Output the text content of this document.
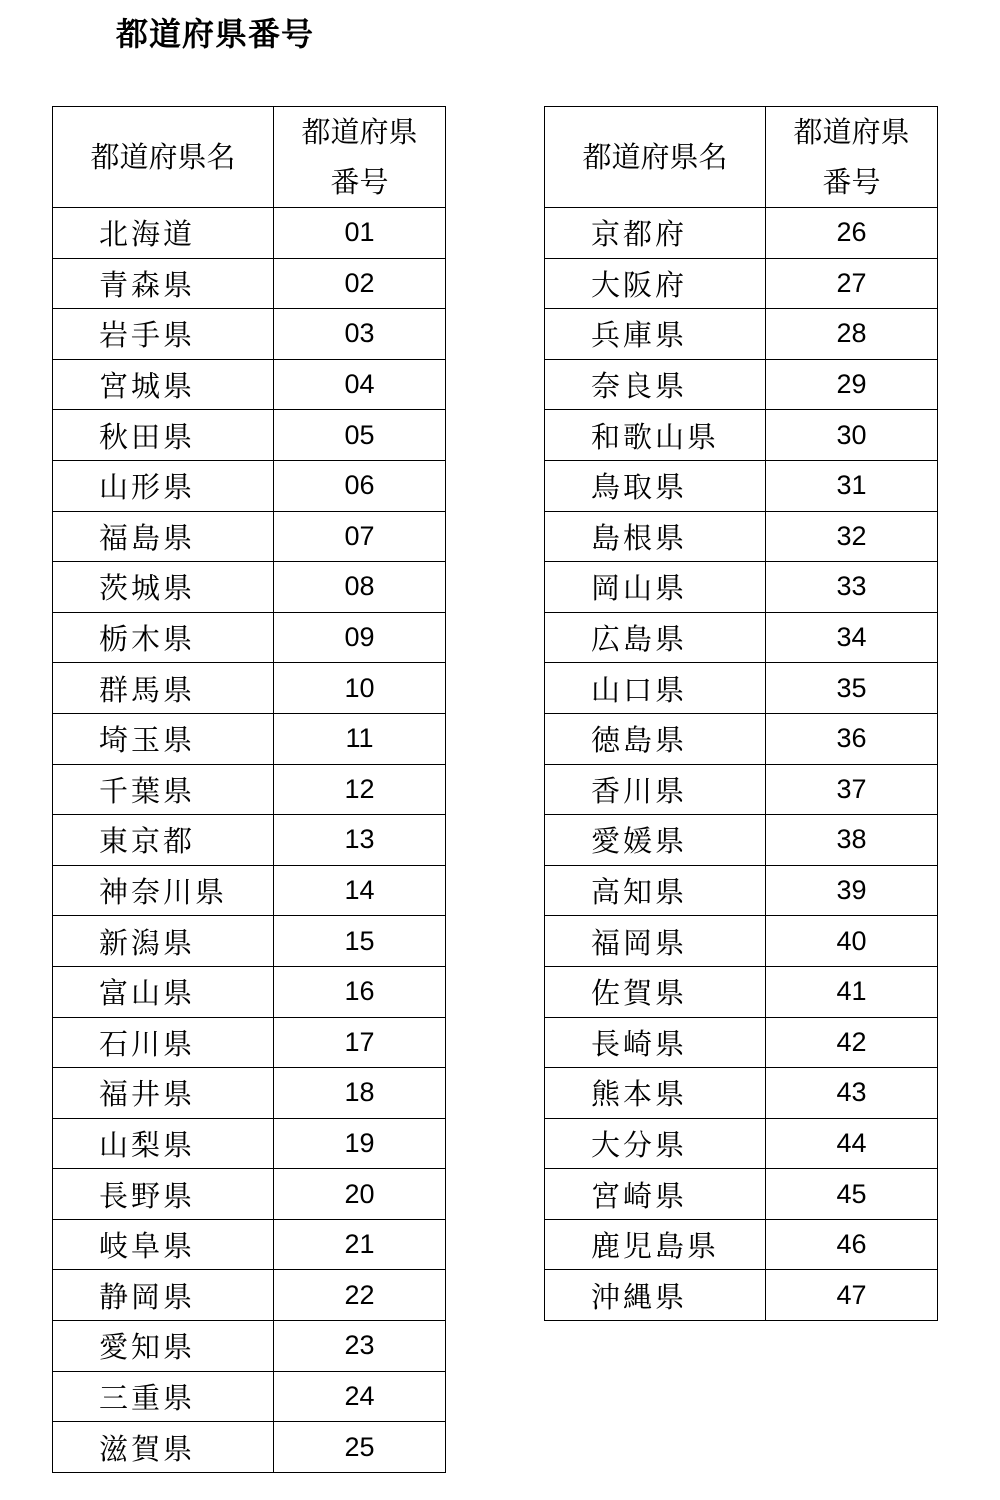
都道府県番号
都道府県名	都道府県
番号

北海道	01
青森県	02
岩手県	03
宮城県	04
秋田県	05
山形県	06
福島県	07
茨城県	08
栃木県	09
群馬県	10
埼玉県	11
千葉県	12
東京都	13
神奈川県	14
新潟県	15
富山県	16
石川県	17
福井県	18
山梨県	19
長野県	20
岐阜県	21
静岡県	22
愛知県	23
三重県	24
滋賀県	25
都道府県名	都道府県
番号

京都府	26
大阪府	27
兵庫県	28
奈良県	29
和歌山県	30
鳥取県	31
島根県	32
岡山県	33
広島県	34
山口県	35
徳島県	36
香川県	37
愛媛県	38
高知県	39
福岡県	40
佐賀県	41
長崎県	42
熊本県	43
大分県	44
宮崎県	45
鹿児島県	46
沖縄県	47
